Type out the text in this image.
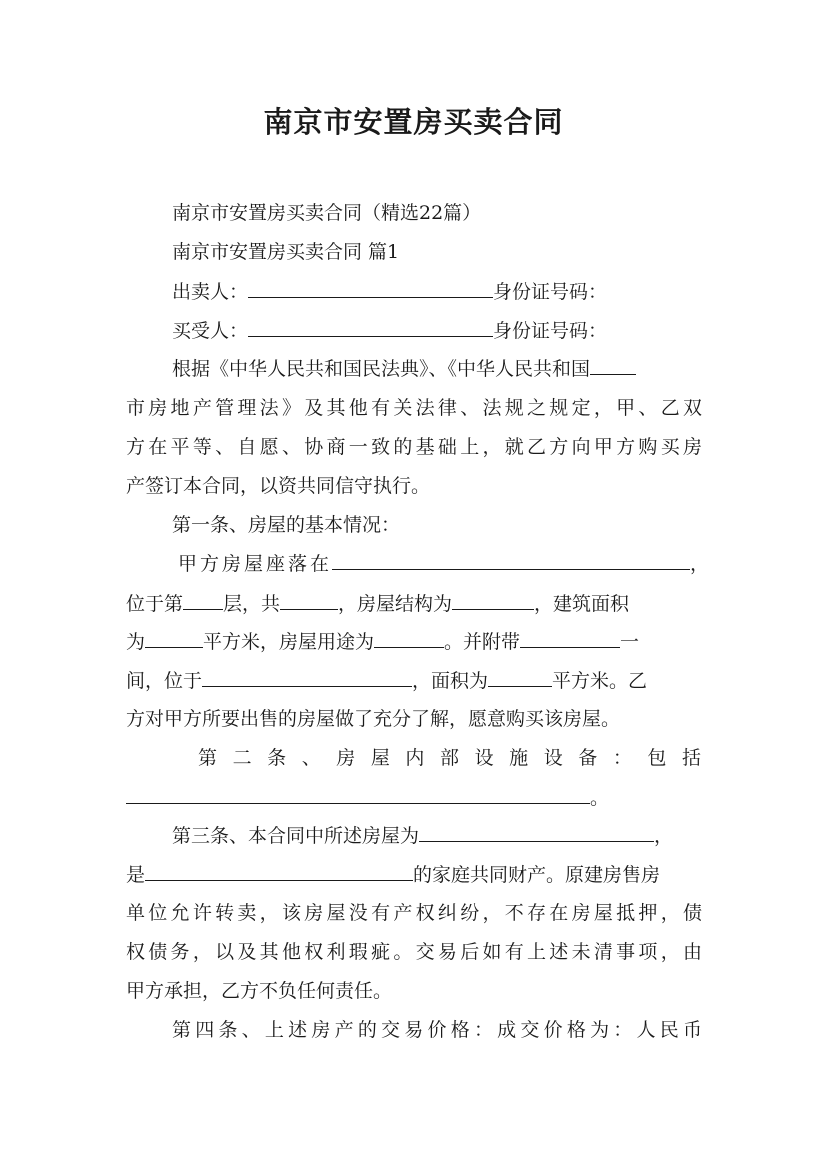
南京市安置房买卖合同
南京市安置房买卖合同（精选22篇）
南京市安置房买卖合同 篇1
出卖人：	身份证号码：
买受人：	身份证号码：
根据《中华人民共和国民法典》、《中华人民共和国
市房地产管理法》及其他有关法律、法规之规定，甲、乙双
方在平等、自愿、协商一致的基础上，就乙方向甲方购买房
产签订本合同，以资共同信守执行。
第一条、房屋的基本情况：
甲方房屋座落在	，
位于第 层，共	，房屋结构为	，建筑面积
为	平方米，房屋用途为	。并附带	一
间，位于	，面积为	平方米。乙
方对甲方所要出售的房屋做了充分了解，愿意购买该房屋。
第二条、房屋内部设施设备：包括
。
第三条、本合同中所述房屋为	，
是	的家庭共同财产。原建房售房
单位允许转卖，该房屋没有产权纠纷，不存在房屋抵押，债
权债务，以及其他权利瑕疵。交易后如有上述未清事项，由
甲方承担，乙方不负任何责任。
第四条、上述房产的交易价格：成交价格为：人民币
